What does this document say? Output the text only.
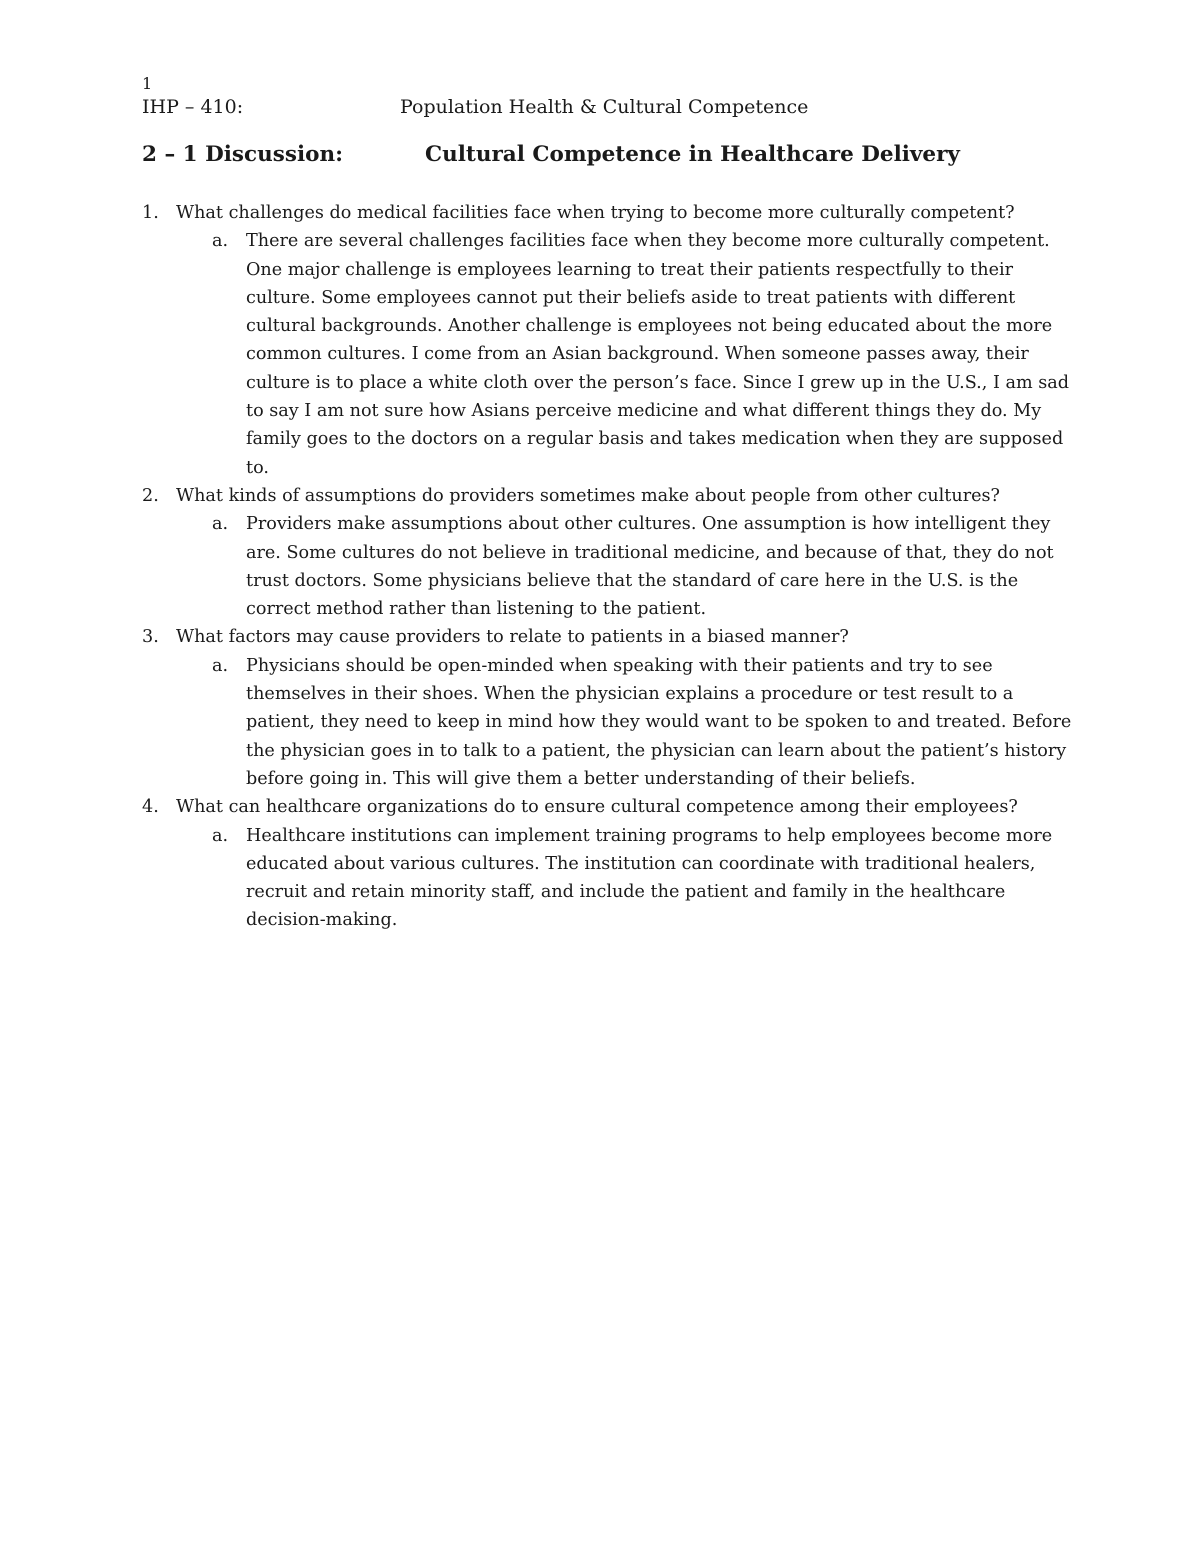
1
IHP – 410:	Population Health & Cultural Competence
2 – 1 Discussion:	Cultural Competence in Healthcare Delivery
1. What challenges do medical facilities face when trying to become more culturally competent?
a. There are several challenges facilities face when they become more culturally competent. One major challenge is employees learning to treat their patients respectfully to their culture. Some employees cannot put their beliefs aside to treat patients with different cultural backgrounds. Another challenge is employees not being educated about the more common cultures. I come from an Asian background. When someone passes away, their culture is to place a white cloth over the person’s face. Since I grew up in the U.S., I am sad to say I am not sure how Asians perceive medicine and what different things they do. My family goes to the doctors on a regular basis and takes medication when they are supposed to.
2. What kinds of assumptions do providers sometimes make about people from other cultures?
a. Providers make assumptions about other cultures. One assumption is how intelligent they are. Some cultures do not believe in traditional medicine, and because of that, they do not trust doctors. Some physicians believe that the standard of care here in the U.S. is the correct method rather than listening to the patient.
3. What factors may cause providers to relate to patients in a biased manner?
a. Physicians should be open-minded when speaking with their patients and try to see themselves in their shoes. When the physician explains a procedure or test result to a patient, they need to keep in mind how they would want to be spoken to and treated. Before the physician goes in to talk to a patient, the physician can learn about the patient’s history before going in. This will give them a better understanding of their beliefs.
4. What can healthcare organizations do to ensure cultural competence among their employees?
a. Healthcare institutions can implement training programs to help employees become more educated about various cultures. The institution can coordinate with traditional healers, recruit and retain minority staff, and include the patient and family in the healthcare decision-making.
